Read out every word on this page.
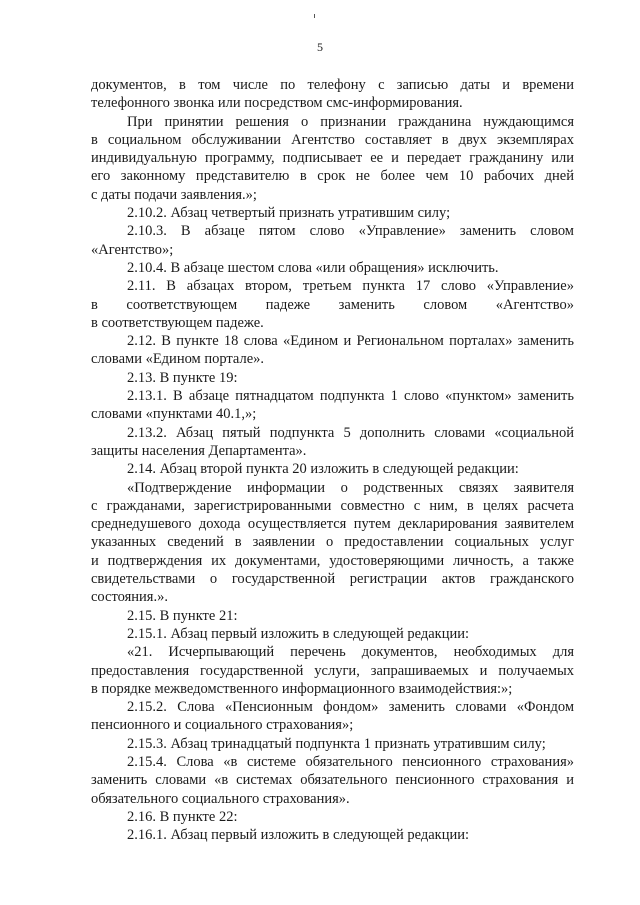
5

документов, в том числе по телефону с записью даты и времени
телефонного звонка или посредством смс-информирования.

При принятии решения о признании гражданина нуждающимся
в социальном обслуживании Агентство составляет в двух экземплярах
индивидуальную программу, подписывает ее и передает гражданину или
его законному представителю в срок не более чем 10 рабочих дней
с даты подачи заявления.»;

2.10.2. Абзац четвертый признать утратившим силу;

2.10.3. В абзаце пятом слово «Управление» заменить словом
«Агентство»;

2.10.4. В абзаце шестом слова «или обращения» исключить.

2.11. В абзацах втором, третьем пункта 17 слово «Управление»
в соответствующем падеже заменить словом «Агентство»
в соответствующем падеже.

2.12. В пункте 18 слова «Едином и Региональном порталах» заменить
словами «Едином портале».

2.13. В пункте 19:

2.13.1. В абзаце пятнадцатом подпункта 1 слово «пунктом» заменить
словами «пунктами 40.1,»;

2.13.2. Абзац пятый подпункта 5 дополнить словами «социальной
защиты населения Департамента».

2.14. Абзац второй пункта 20 изложить в следующей редакции:

«Подтверждение информации о родственных связях заявителя
с гражданами, зарегистрированными совместно с ним, в целях расчета
среднедушевого дохода осуществляется путем декларирования заявителем
указанных сведений в заявлении о предоставлении социальных услуг
и подтверждения их документами, удостоверяющими личность, а также
свидетельствами о государственной регистрации актов гражданского
состояния.».

2.15. В пункте 21:

2.15.1. Абзац первый изложить в следующей редакции:

«21. Исчерпывающий перечень документов, необходимых для
предоставления государственной услуги, запрашиваемых и получаемых
в порядке межведомственного информационного взаимодействия:»;

2.15.2. Слова «Пенсионным фондом» заменить словами «Фондом
пенсионного и социального страхования»;

2.15.3. Абзац тринадцатый подпункта 1 признать утратившим силу;

2.15.4. Слова «в системе обязательного пенсионного страхования»
заменить словами «в системах обязательного пенсионного страхования и
обязательного социального страхования».

2.16. В пункте 22:

2.16.1. Абзац первый изложить в следующей редакции:
